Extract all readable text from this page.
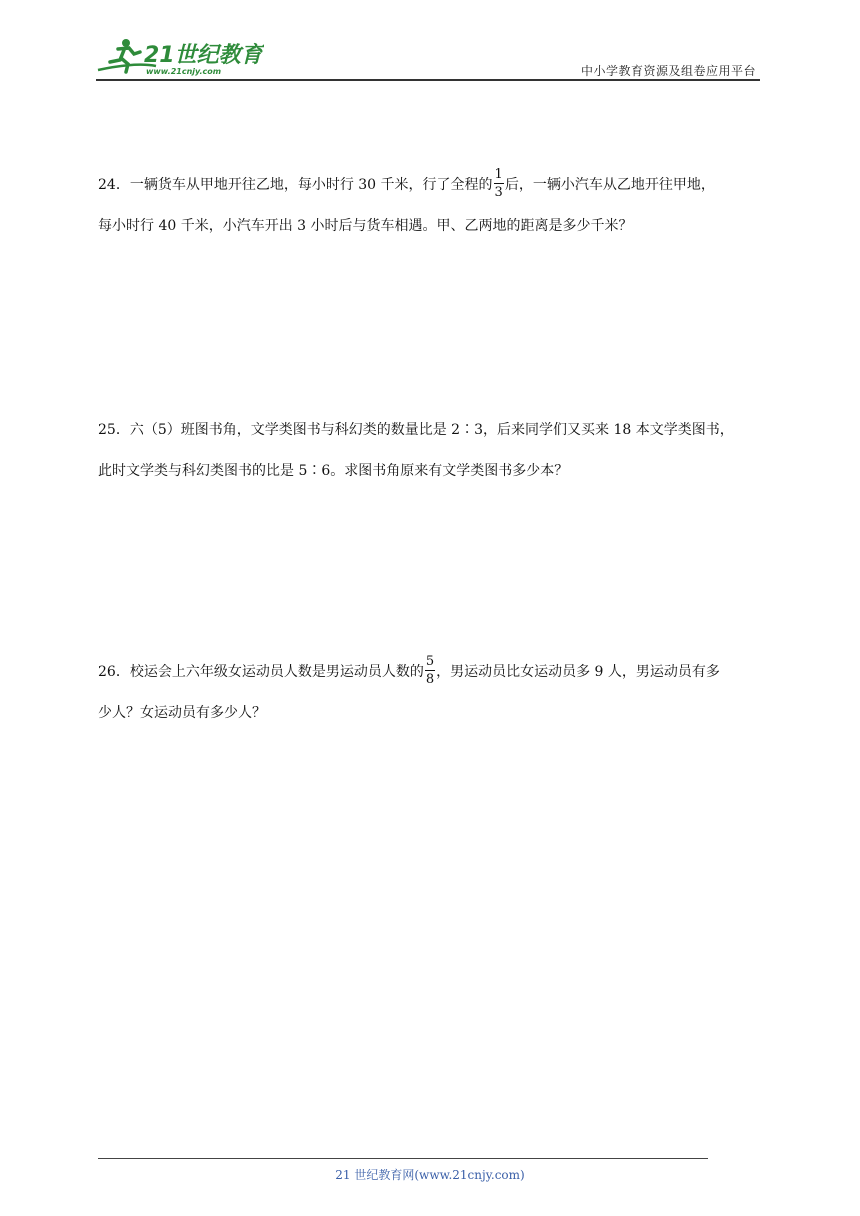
21世纪教育
www.21cnjy.com	中小学教育资源及组卷应用平台
24．一辆货车从甲地开往乙地，每小时行 30 千米，行了全程的 $\frac{1}{3}$ 后，一辆小汽车从乙地开往甲地，
每小时行 40 千米，小汽车开出 3 小时后与货车相遇。甲、乙两地的距离是多少千米？
25．六（5）班图书角，文学类图书与科幻类的数量比是 2∶3，后来同学们又买来 18 本文学类图书，
此时文学类与科幻类图书的比是 5∶6。求图书角原来有文学类图书多少本？
26．校运会上六年级女运动员人数是男运动员人数的 $\frac{5}{8}$ ，男运动员比女运动员多 9 人，男运动员有多
少人？女运动员有多少人？
21 世纪教育网(www.21cnjy.com)
